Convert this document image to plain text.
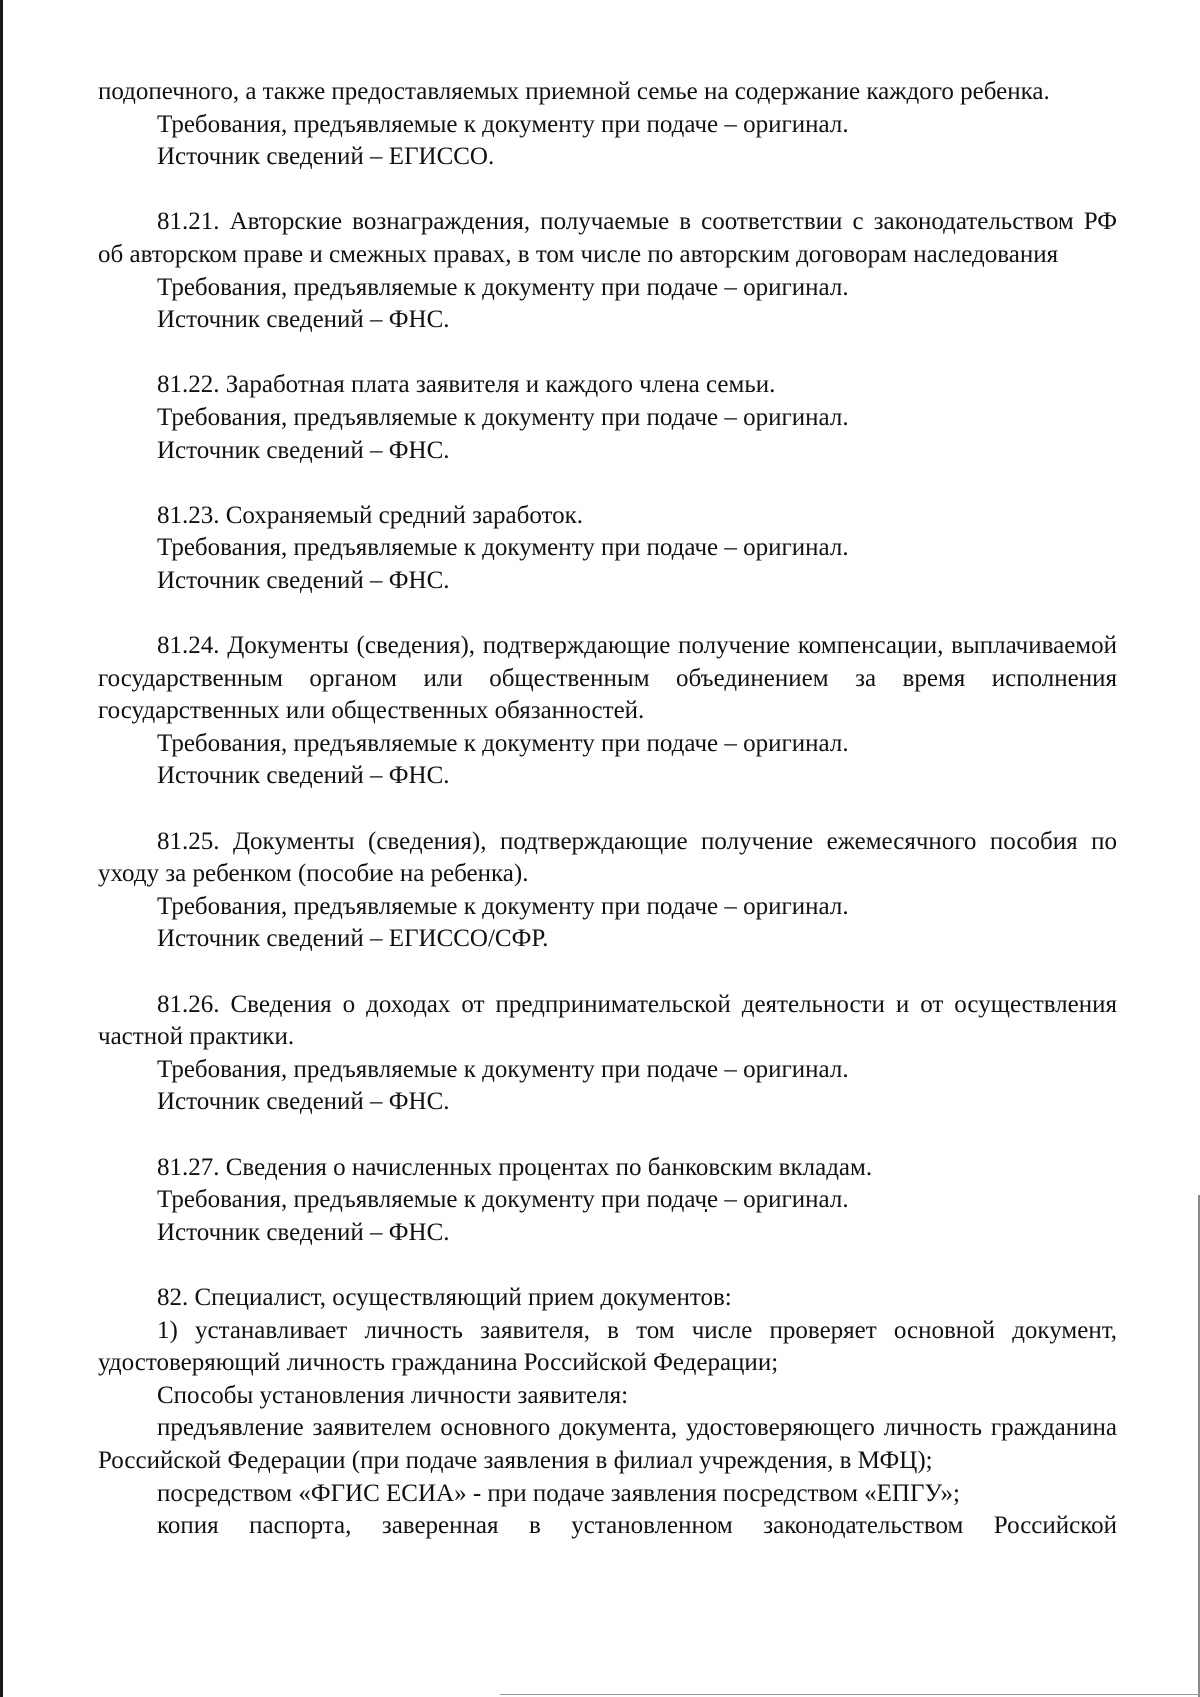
подопечного, а также предоставляемых приемной семье на содержание каждого ребенка.

Требования, предъявляемые к документу при подаче – оригинал.

Источник сведений – ЕГИССО.

81.21. Авторские вознаграждения, получаемые в соответствии с законодательством РФ об авторском праве и смежных правах, в том числе по авторским договорам наследования

Требования, предъявляемые к документу при подаче – оригинал.

Источник сведений – ФНС.

81.22. Заработная плата заявителя и каждого члена семьи.

Требования, предъявляемые к документу при подаче – оригинал.

Источник сведений – ФНС.

81.23. Сохраняемый средний заработок.

Требования, предъявляемые к документу при подаче – оригинал.

Источник сведений – ФНС.

81.24. Документы (сведения), подтверждающие получение компенсации, выплачиваемой государственным органом или общественным объединением за время исполнения государственных или общественных обязанностей.

Требования, предъявляемые к документу при подаче – оригинал.

Источник сведений – ФНС.

81.25. Документы (сведения), подтверждающие получение ежемесячного пособия по уходу за ребенком (пособие на ребенка).

Требования, предъявляемые к документу при подаче – оригинал.

Источник сведений – ЕГИССО/СФР.

81.26. Сведения о доходах от предпринимательской деятельности и от осуществления частной практики.

Требования, предъявляемые к документу при подаче – оригинал.

Источник сведений – ФНС.

81.27. Сведения о начисленных процентах по банковским вкладам.

Требования, предъявляемые к документу при подаче – оригинал.

Источник сведений – ФНС.

82. Специалист, осуществляющий прием документов:

1) устанавливает личность заявителя, в том числе проверяет основной документ, удостоверяющий личность гражданина Российской Федерации;

Способы установления личности заявителя:

предъявление заявителем основного документа, удостоверяющего личность гражданина Российской Федерации (при подаче заявления в филиал учреждения, в МФЦ);

посредством «ФГИС ЕСИА» - при подаче заявления посредством «ЕПГУ»;

копия паспорта, заверенная в установленном законодательством Российской
